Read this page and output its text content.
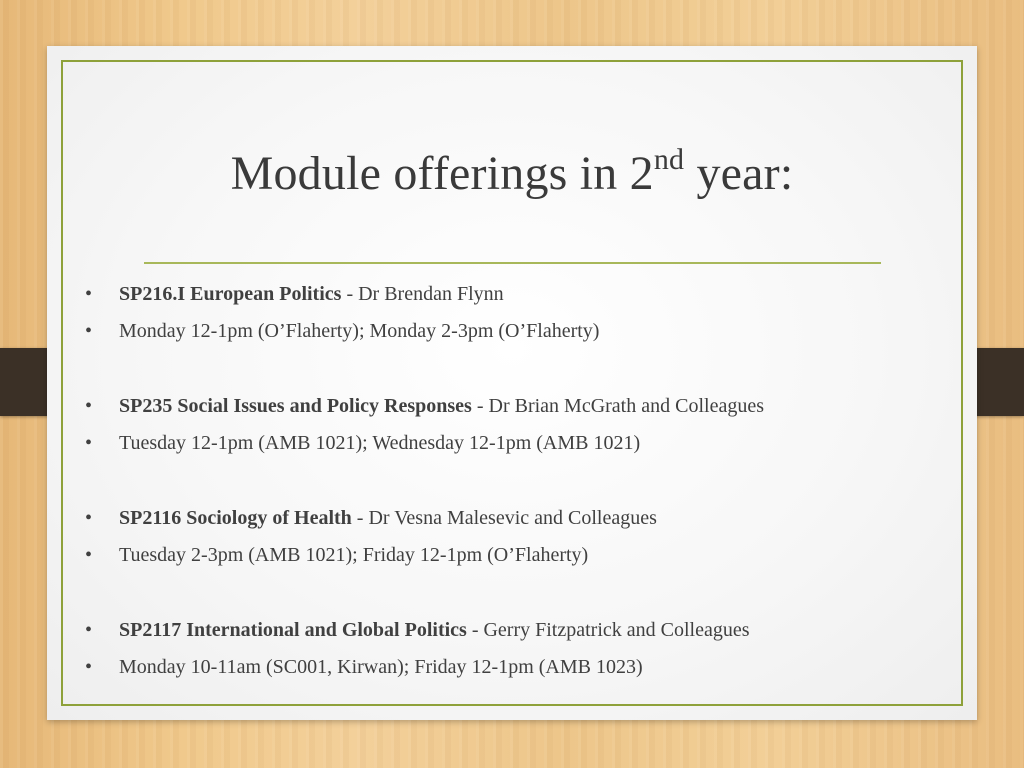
Module offerings in 2nd year:
• SP216.I European Politics - Dr Brendan Flynn
• Monday 12-1pm (O’Flaherty); Monday 2-3pm (O’Flaherty)
• SP235 Social Issues and Policy Responses - Dr Brian McGrath and Colleagues
• Tuesday 12-1pm (AMB 1021); Wednesday 12-1pm (AMB 1021)
• SP2116 Sociology of Health - Dr Vesna Malesevic and Colleagues
• Tuesday 2-3pm (AMB 1021); Friday 12-1pm (O’Flaherty)
• SP2117 International and Global Politics - Gerry Fitzpatrick and Colleagues
• Monday 10-11am (SC001, Kirwan); Friday 12-1pm (AMB 1023)
